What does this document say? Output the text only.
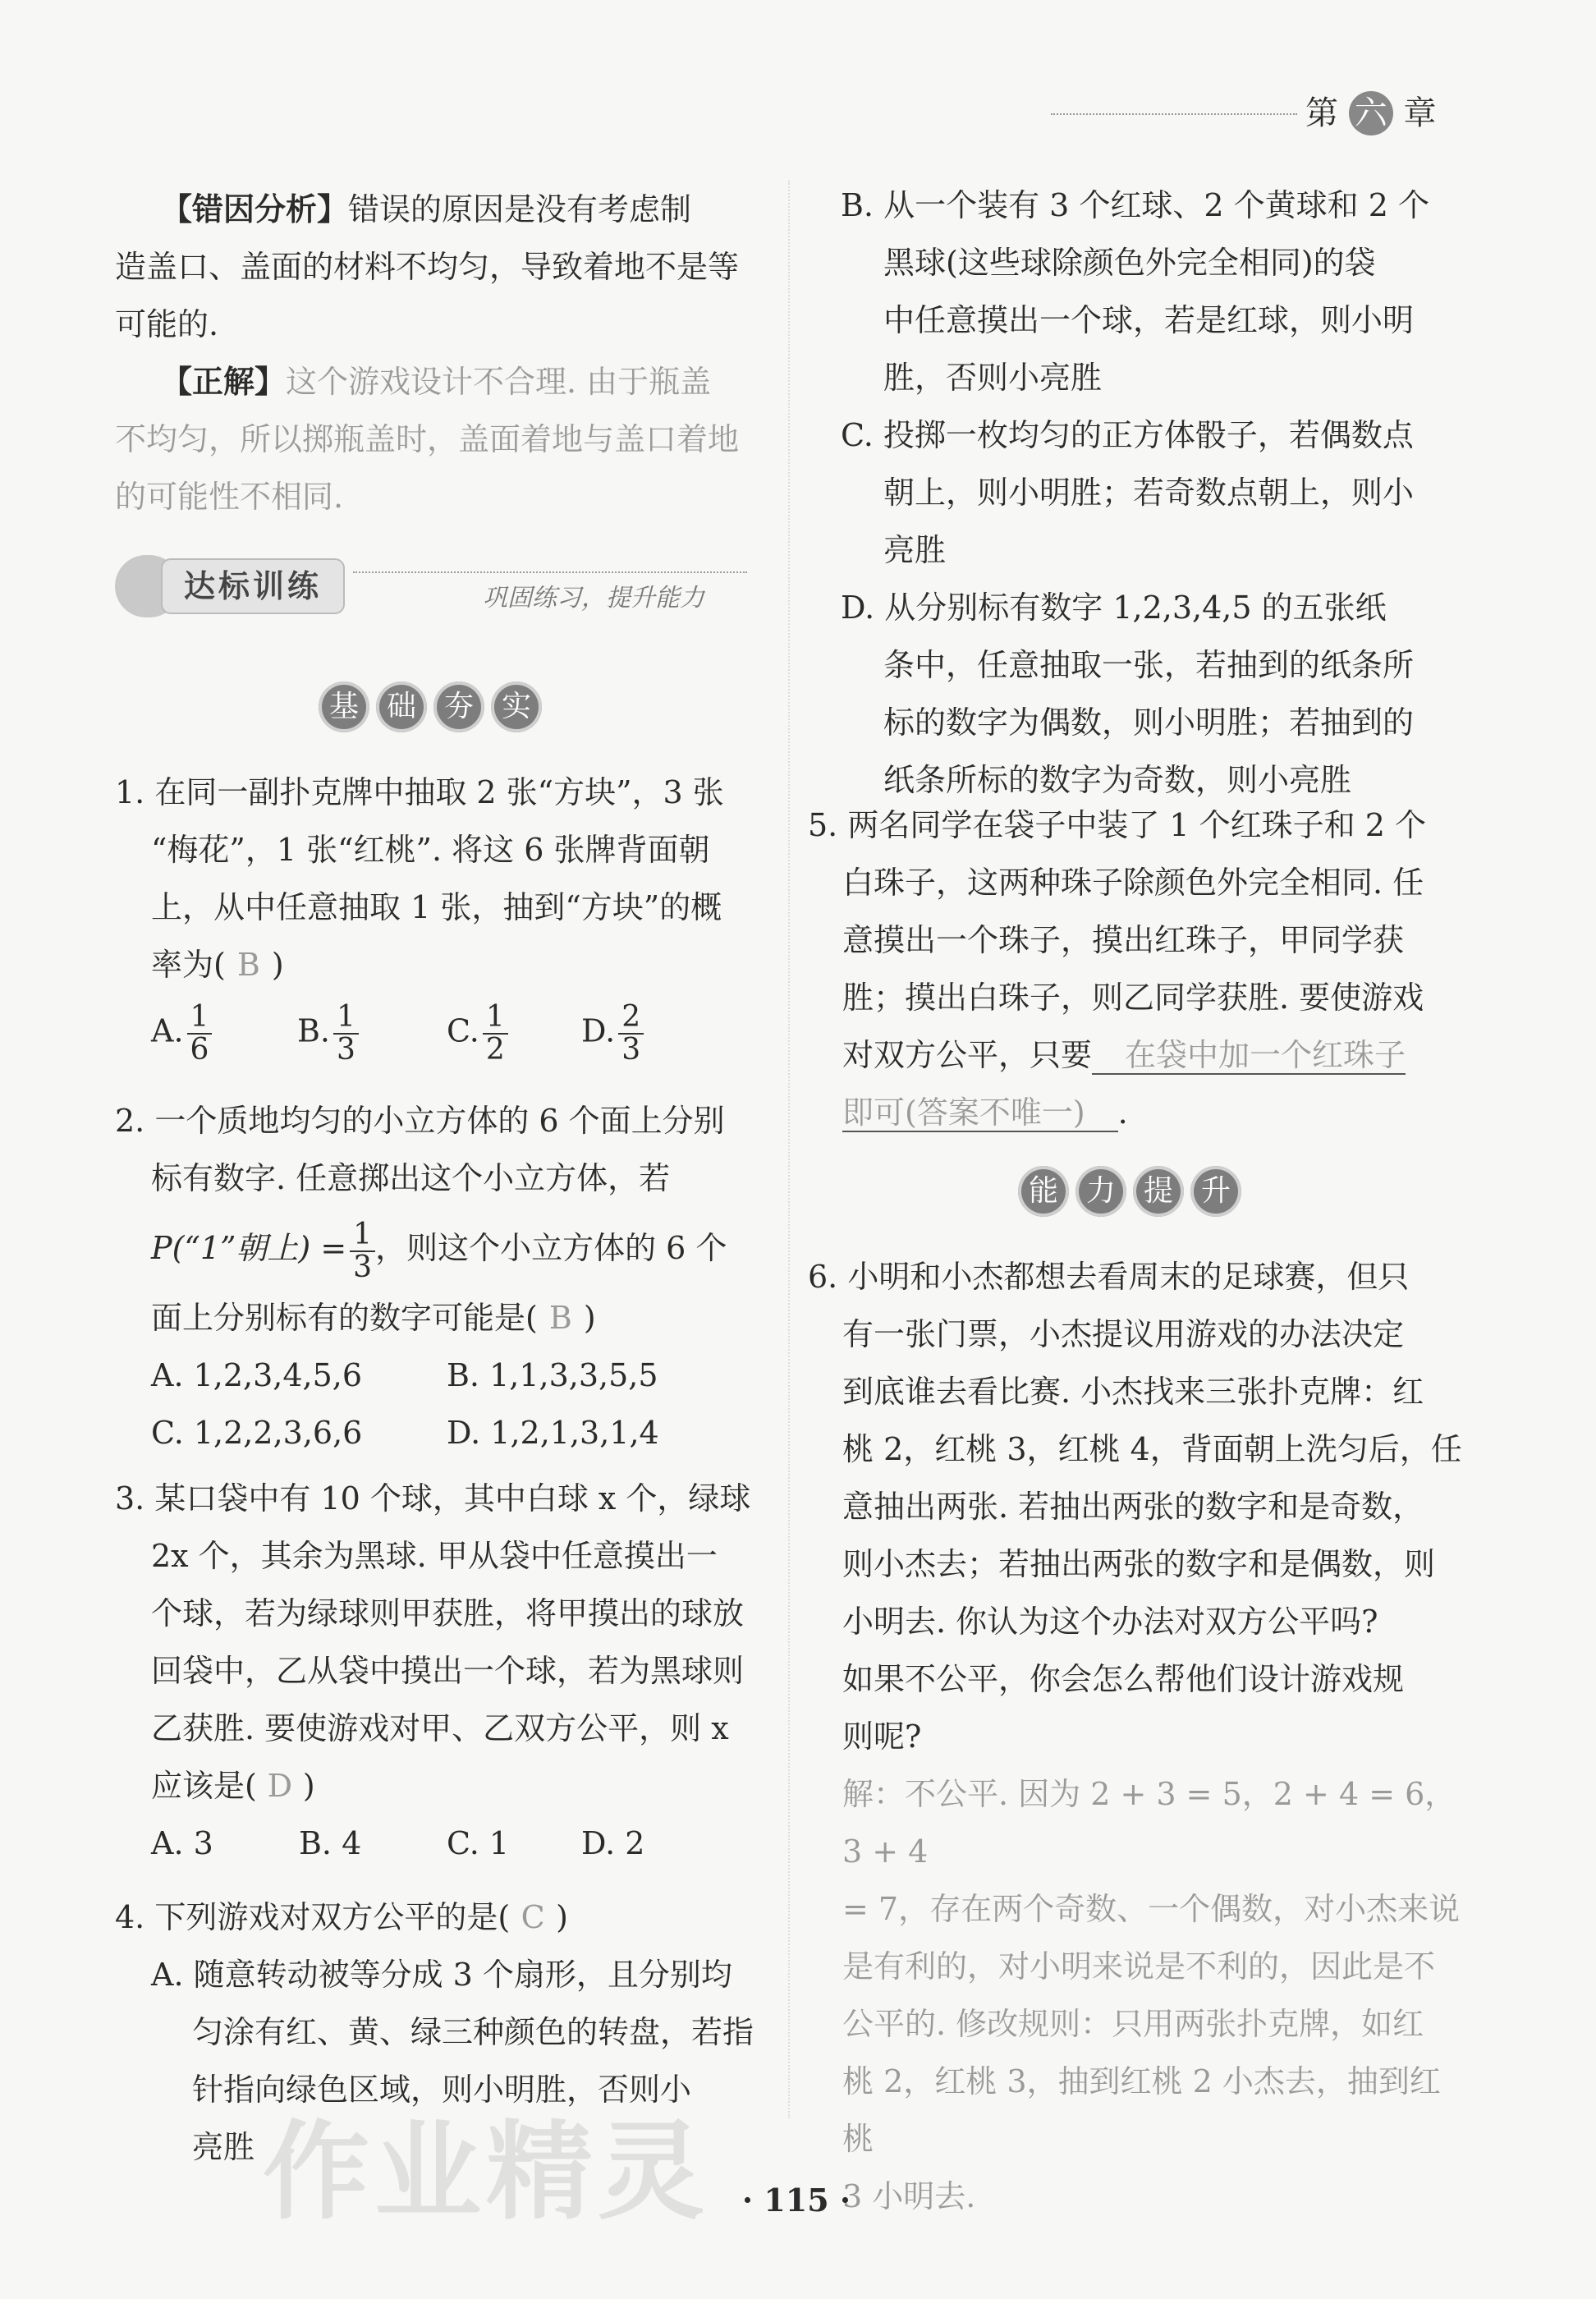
第 六 章
【错因分析】错误的原因是没有考虑制
造盖口、盖面的材料不均匀，导致着地不是等
可能的.
【正解】这个游戏设计不合理. 由于瓶盖
不均匀，所以掷瓶盖时，盖面着地与盖口着地
的可能性不相同.
达标训练	巩固练习，提升能力
基 础 夯 实
1. 在同一副扑克牌中抽取 2 张“方块”，3 张
“梅花”，1 张“红桃”. 将这 6 张牌背面朝
上，从中任意抽取 1 张，抽到“方块”的概
率为( B )
A. $\frac{1}{6}$	B. $\frac{1}{3}$	C. $\frac{1}{2} D$. $\frac{2}{3}$
2. 一个质地均匀的小立方体的 6 个面上分别
标有数字. 任意掷出这个小立方体，若
P(“1”朝上) = $\frac{1}{3}$ ，则这个小立方体的 6 个
面上分别标有的数字可能是( B )
A. 1,2,3,4,5,6	B. 1,1,3,3,5,5
C. 1,2,2,3,6,6	D. 1,2,1,3,1,4
3. 某口袋中有 10 个球，其中白球 x 个，绿球
2x 个，其余为黑球. 甲从袋中任意摸出一
个球，若为绿球则甲获胜，将甲摸出的球放
回袋中，乙从袋中摸出一个球，若为黑球则
乙获胜. 要使游戏对甲、乙双方公平，则 x
应该是( D )
A. 3	B. 4	C. 1 D. 2
4. 下列游戏对双方公平的是( C )
A. 随意转动被等分成 3 个扇形，且分别均
匀涂有红、黄、绿三种颜色的转盘，若指
针指向绿色区域，则小明胜，否则小
亮胜
B. 从一个装有 3 个红球、2 个黄球和 2 个
黑球(这些球除颜色外完全相同)的袋
中任意摸出一个球，若是红球，则小明
胜，否则小亮胜
C. 投掷一枚均匀的正方体骰子，若偶数点
朝上，则小明胜；若奇数点朝上，则小
亮胜
D. 从分别标有数字 1,2,3,4,5 的五张纸
条中，任意抽取一张，若抽到的纸条所
标的数字为偶数，则小明胜；若抽到的
纸条所标的数字为奇数，则小亮胜
5. 两名同学在袋子中装了 1 个红珠子和 2 个
白珠子，这两种珠子除颜色外完全相同. 任
意摸出一个珠子，摸出红珠子，甲同学获
胜；摸出白珠子，则乙同学获胜. 要使游戏
对双方公平，只要 在袋中加一个红珠子
即可(答案不唯一) .
能 力 提 升
6. 小明和小杰都想去看周末的足球赛，但只
有一张门票，小杰提议用游戏的办法决定
到底谁去看比赛. 小杰找来三张扑克牌：红
桃 2，红桃 3，红桃 4，背面朝上洗匀后，任
意抽出两张. 若抽出两张的数字和是奇数，
则小杰去；若抽出两张的数字和是偶数，则
小明去. 你认为这个办法对双方公平吗?
如果不公平，你会怎么帮他们设计游戏规
则呢?
解：不公平. 因为 2 + 3 = 5，2 + 4 = 6，3 + 4
= 7，存在两个奇数、一个偶数，对小杰来说
是有利的，对小明来说是不利的，因此是不
公平的. 修改规则：只用两张扑克牌，如红
桃 2，红桃 3，抽到红桃 2 小杰去，抽到红桃
3 小明去.
作业精灵	· 115 ·
